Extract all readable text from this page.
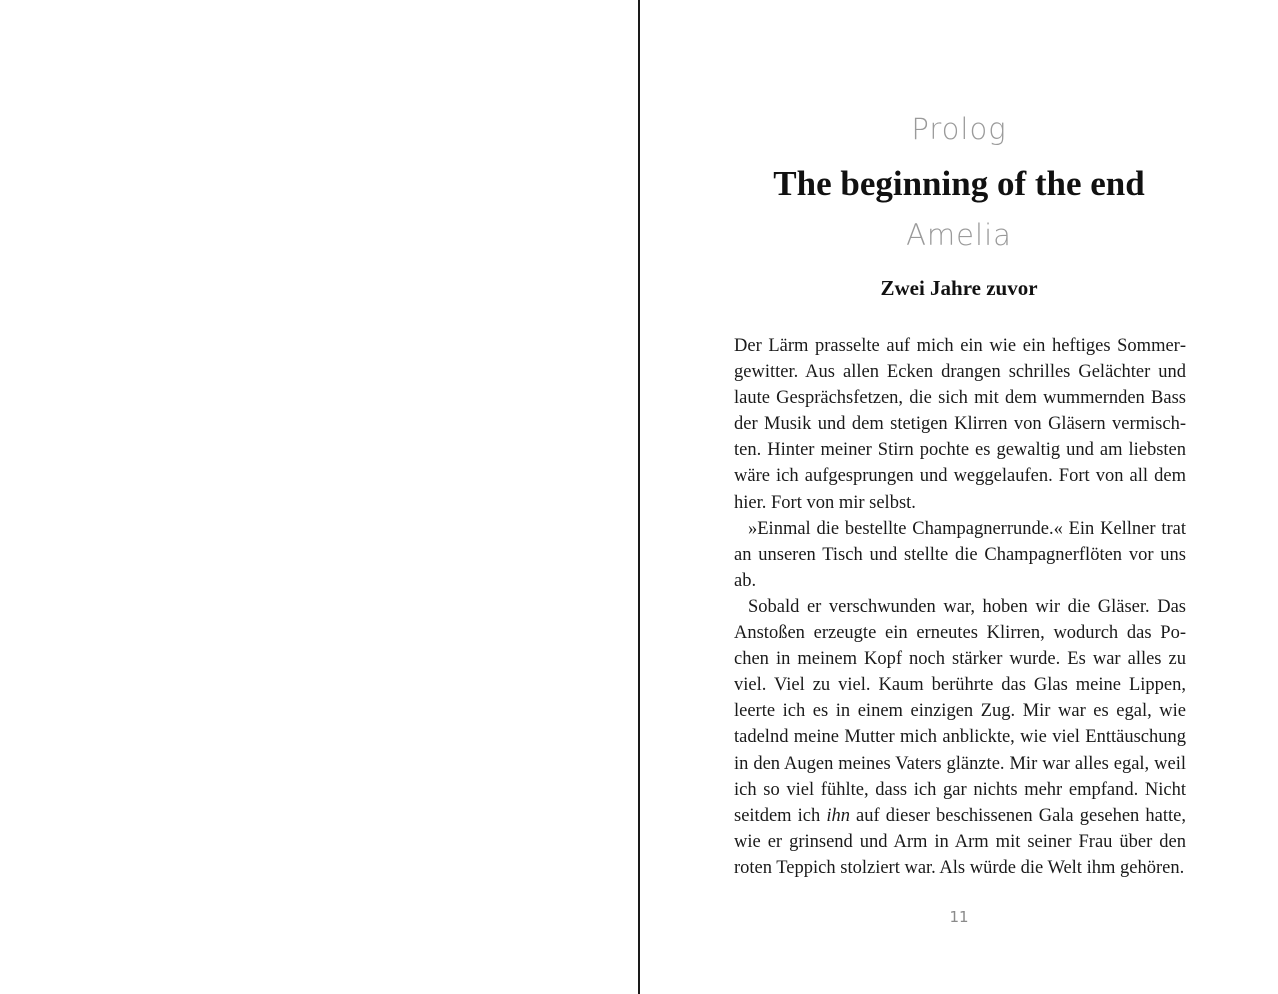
Prolog
The beginning of the end
Amelia
Zwei Jahre zuvor

Der Lärm prasselte auf mich ein wie ein heftiges Sommergewitter. Aus allen Ecken drangen schrilles Gelächter und laute Gesprächsfetzen, die sich mit dem wummernden Bass der Musik und dem stetigen Klirren von Gläsern vermischten. Hinter meiner Stirn pochte es gewaltig und am liebsten wäre ich aufgesprungen und weggelaufen. Fort von all dem hier. Fort von mir selbst.

»Einmal die bestellte Champagnerrunde.« Ein Kellner trat an unseren Tisch und stellte die Champagnerflöten vor uns ab.

Sobald er verschwunden war, hoben wir die Gläser. Das Anstoßen erzeugte ein erneutes Klirren, wodurch das Pochen in meinem Kopf noch stärker wurde. Es war alles zu viel. Viel zu viel. Kaum berührte das Glas meine Lippen, leerte ich es in einem einzigen Zug. Mir war es egal, wie tadelnd meine Mutter mich anblickte, wie viel Enttäuschung in den Augen meines Vaters glänzte. Mir war alles egal, weil ich so viel fühlte, dass ich gar nichts mehr empfand. Nicht seitdem ich ihn auf dieser beschissenen Gala gesehen hatte, wie er grinsend und Arm in Arm mit seiner Frau über den roten Teppich stolziert war. Als würde die Welt ihm gehören.

11
